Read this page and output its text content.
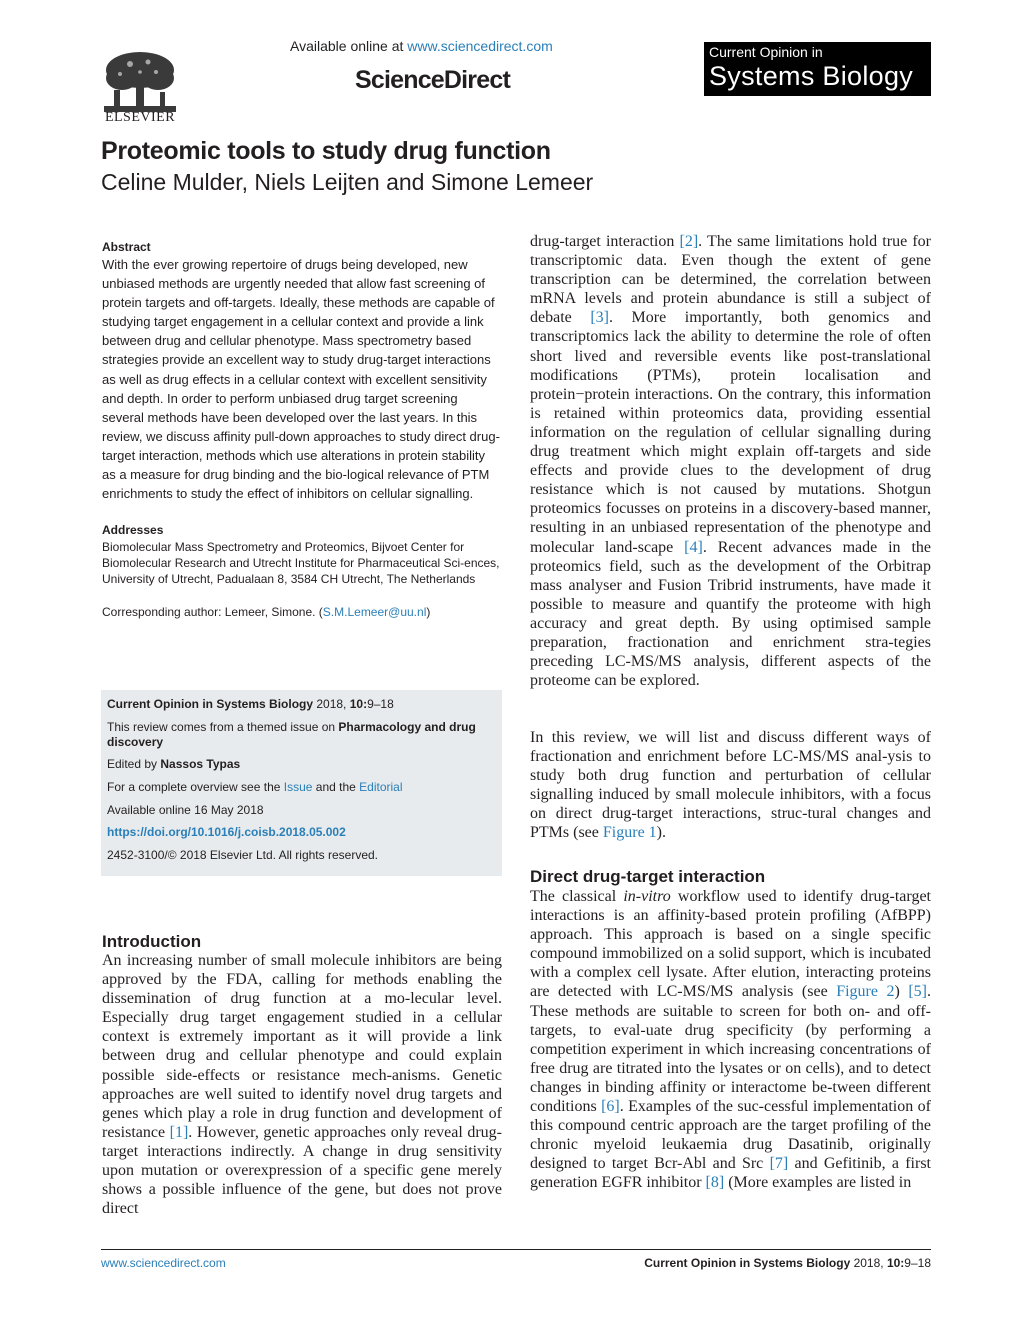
ELSEVIER
Available online at www.sciencedirect.com
ScienceDirect
Current Opinion in
Systems Biology
Proteomic tools to study drug function
Celine Mulder, Niels Leijten and Simone Lemeer
Abstract

With the ever growing repertoire of drugs being developed, new unbiased methods are urgently needed that allow fast screening of protein targets and off-targets. Ideally, these methods are capable of studying target engagement in a cellular context and provide a link between drug and cellular phenotype. Mass spectrometry based strategies provide an excellent way to study drug-target interactions as well as drug effects in a cellular context with excellent sensitivity and depth. In order to perform unbiased drug target screening several methods have been developed over the last years. In this review, we discuss affinity pull-down approaches to study direct drug-target interaction, methods which use alterations in protein stability as a measure for drug binding and the bio-logical relevance of PTM enrichments to study the effect of inhibitors on cellular signalling.

Addresses

Biomolecular Mass Spectrometry and Proteomics, Bijvoet Center for Biomolecular Research and Utrecht Institute for Pharmaceutical Sci-ences, University of Utrecht, Padualaan 8, 3584 CH Utrecht, The Netherlands

Corresponding author: Lemeer, Simone. (S.M.Lemeer@uu.nl)

Current Opinion in Systems Biology 2018, 10:9–18
This review comes from a themed issue on Pharmacology and drug discovery
Edited by Nassos Typas
For a complete overview see the Issue and the Editorial
Available online 16 May 2018
https://doi.org/10.1016/j.coisb.2018.05.002
2452-3100/© 2018 Elsevier Ltd. All rights reserved.
Introduction

An increasing number of small molecule inhibitors are being approved by the FDA, calling for methods enabling the dissemination of drug function at a mo-lecular level. Especially drug target engagement studied in a cellular context is extremely important as it will provide a link between drug and cellular phenotype and could explain possible side-effects or resistance mech-anisms. Genetic approaches are well suited to identify novel drug targets and genes which play a role in drug function and development of resistance [1]. However, genetic approaches only reveal drug-target interactions indirectly. A change in drug sensitivity upon mutation or overexpression of a specific gene merely shows a possible influence of the gene, but does not prove direct

drug-target interaction [2]. The same limitations hold true for transcriptomic data. Even though the extent of gene transcription can be determined, the correlation between mRNA levels and protein abundance is still a subject of debate [3]. More importantly, both genomics and transcriptomics lack the ability to determine the role of often short lived and reversible events like post-translational modifications (PTMs), protein localisation and protein−protein interactions. On the contrary, this information is retained within proteomics data, providing essential information on the regulation of cellular signalling during drug treatment which might explain off-targets and side effects and provide clues to the development of drug resistance which is not caused by mutations. Shotgun proteomics focusses on proteins in a discovery-based manner, resulting in an unbiased representation of the phenotype and molecular land-scape [4]. Recent advances made in the proteomics field, such as the development of the Orbitrap mass analyser and Fusion Tribrid instruments, have made it possible to measure and quantify the proteome with high accuracy and great depth. By using optimised sample preparation, fractionation and enrichment stra-tegies preceding LC-MS/MS analysis, different aspects of the proteome can be explored.

In this review, we will list and discuss different ways of fractionation and enrichment before LC-MS/MS anal-ysis to study both drug function and perturbation of cellular signalling induced by small molecule inhibitors, with a focus on direct drug-target interactions, struc-tural changes and PTMs (see Figure 1).

Direct drug-target interaction

The classical in-vitro workflow used to identify drug-target interactions is an affinity-based protein profiling (AfBPP) approach. This approach is based on a single specific compound immobilized on a solid support, which is incubated with a complex cell lysate. After elution, interacting proteins are detected with LC-MS/MS analysis (see Figure 2) [5]. These methods are suitable to screen for both on- and off-targets, to eval-uate drug specificity (by performing a competition experiment in which increasing concentrations of free drug are titrated into the lysates or on cells), and to detect changes in binding affinity or interactome be-tween different conditions [6]. Examples of the suc-cessful implementation of this compound centric approach are the target profiling of the chronic myeloid leukaemia drug Dasatinib, originally designed to target Bcr-Abl and Src [7] and Gefitinib, a first generation EGFR inhibitor [8] (More examples are listed in

www.sciencedirect.com	Current Opinion in Systems Biology 2018, 10:9–18
